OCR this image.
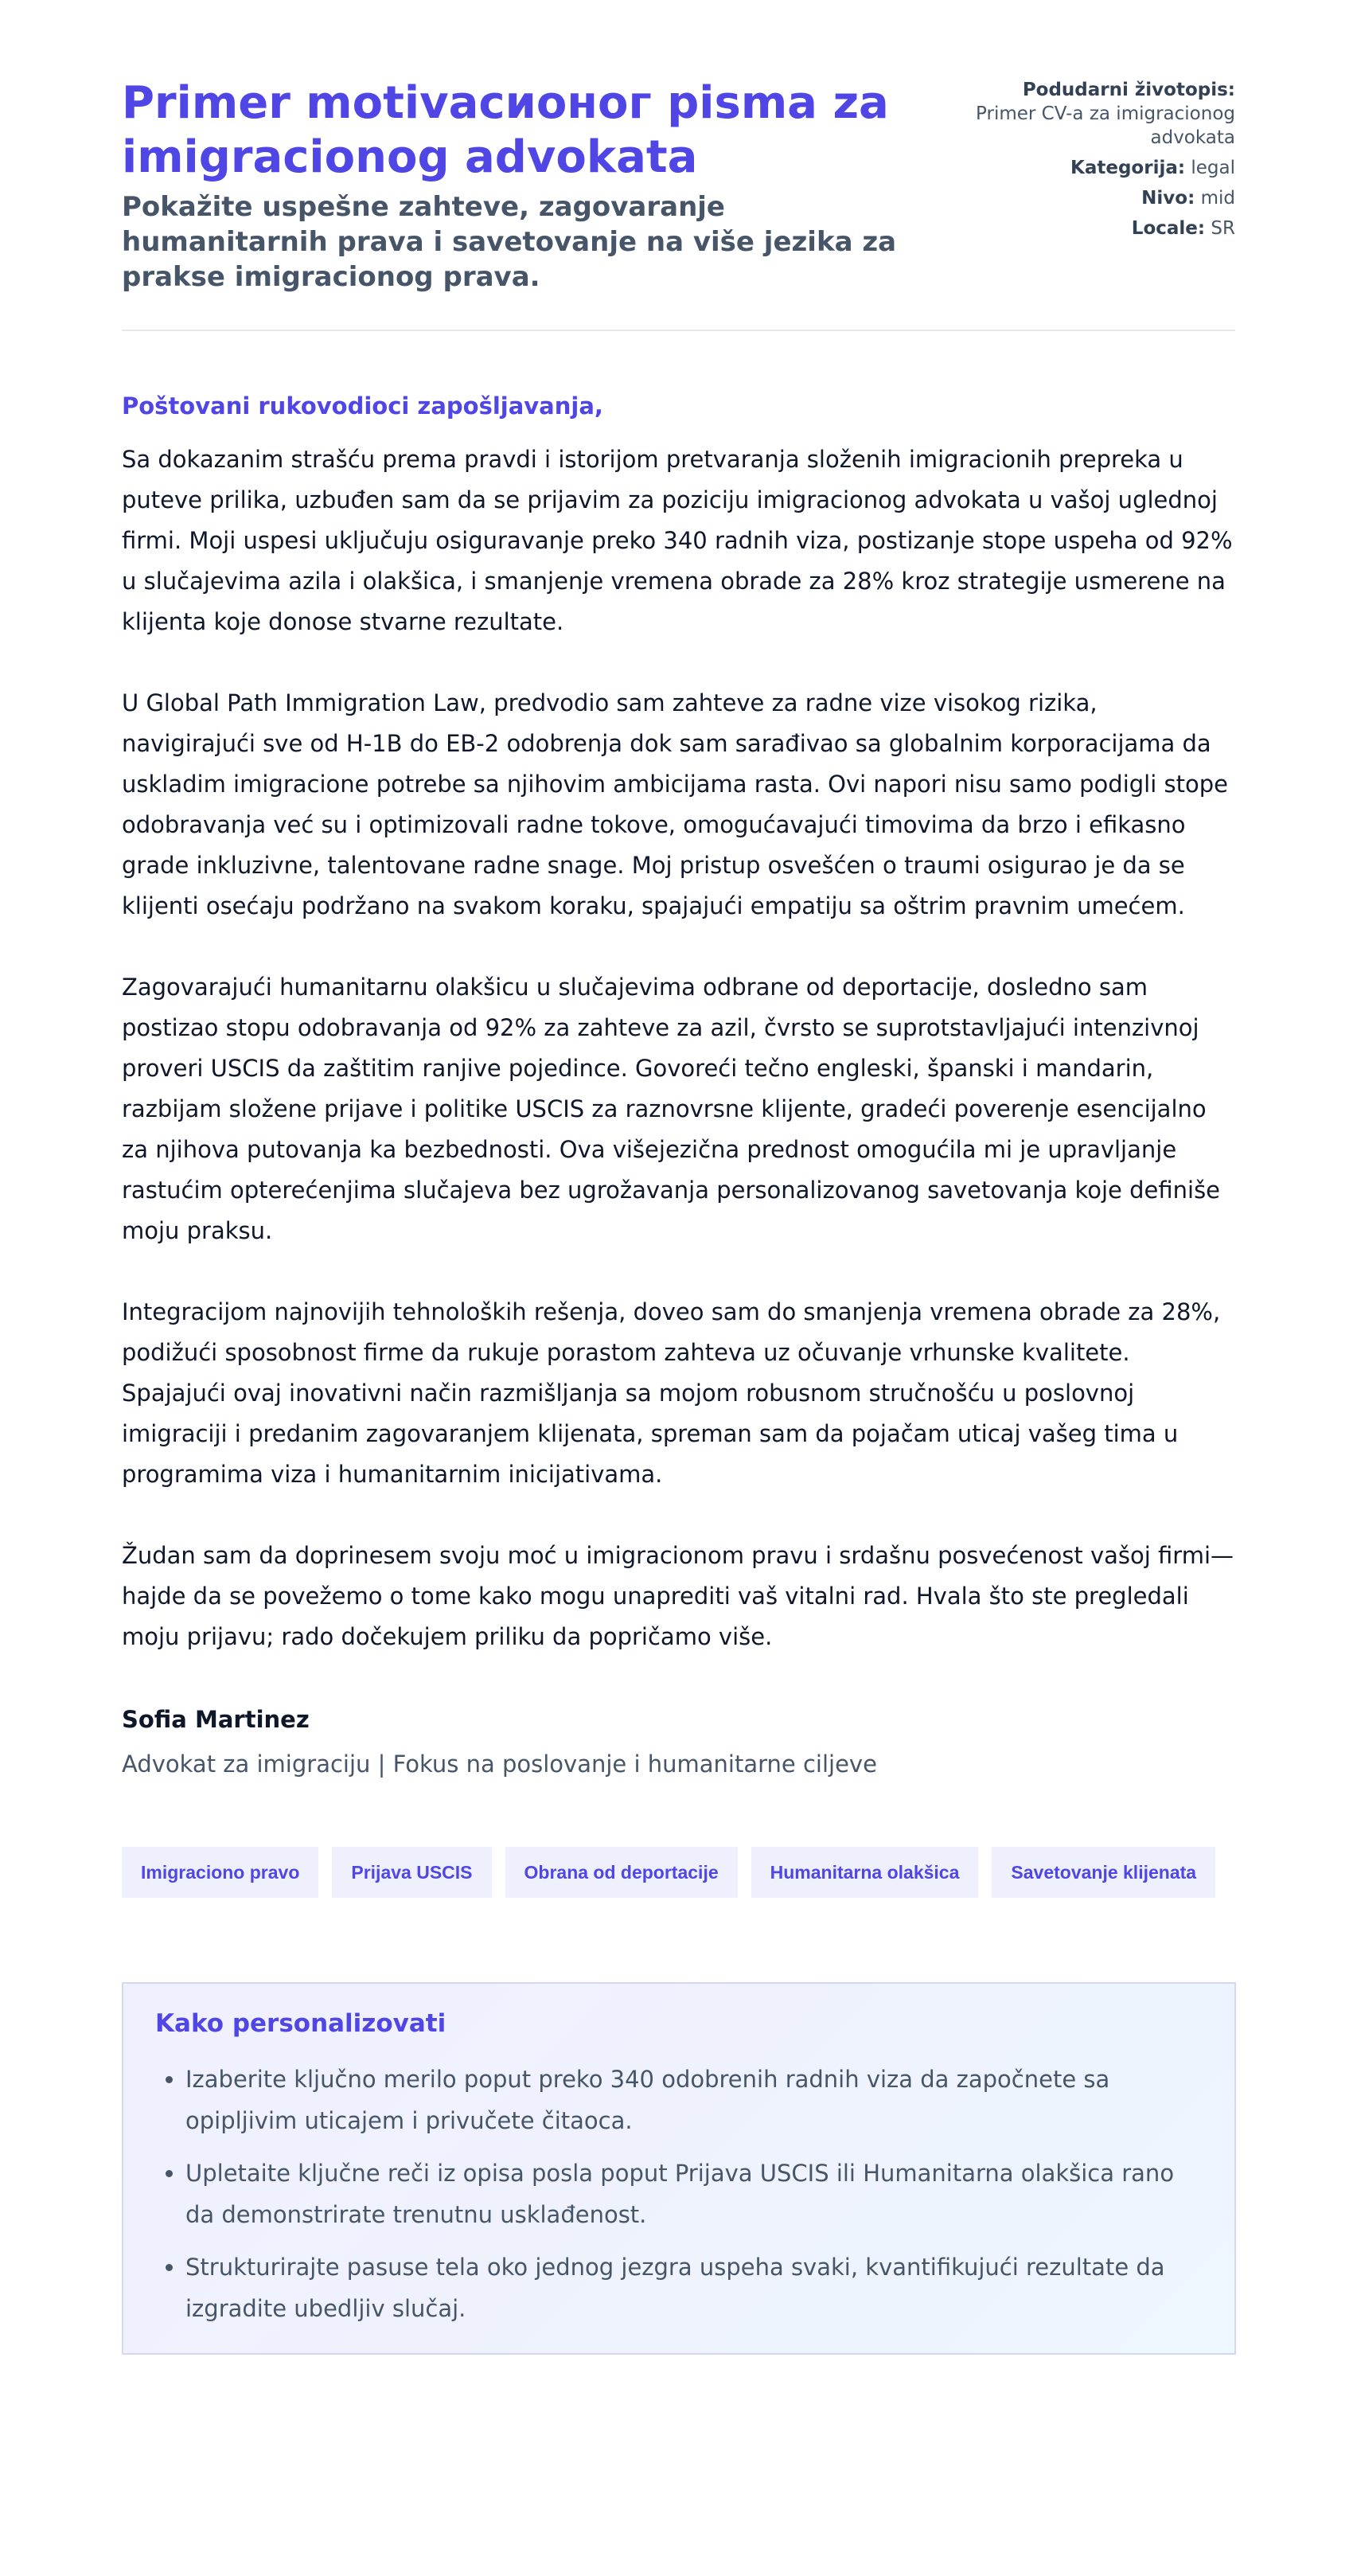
Primer motivacионог pisma za imigracionog advokata

Pokažite uspešne zahteve, zagovaranje humanitarnih prava i savetovanje na više jezika za prakse imigracionog prava.

Podudarni životopis: Primer CV-a za imigracionog advokata
Kategorija: legal
Nivo: mid
Locale: SR

Poštovani rukovodioci zapošljavanja,

Sa dokazanim strašću prema pravdi i istorijom pretvaranja složenih imigracionih prepreka u puteve prilika, uzbuđen sam da se prijavim za poziciju imigracionog advokata u vašoj uglednoj firmi. Moji uspesi uključuju osiguravanje preko 340 radnih viza, postizanje stope uspeha od 92% u slučajevima azila i olakšica, i smanjenje vremena obrade za 28% kroz strategije usmerene na klijenta koje donose stvarne rezultate.

U Global Path Immigration Law, predvodio sam zahteve za radne vize visokog rizika, navigirajući sve od H-1B do EB-2 odobrenja dok sam sarađivao sa globalnim korporacijama da uskladim imigracione potrebe sa njihovim ambicijama rasta. Ovi napori nisu samo podigli stope odobravanja već su i optimizovali radne tokove, omogućavajući timovima da brzo i efikasno grade inkluzivne, talentovane radne snage. Moj pristup osvešćen o traumi osigurao je da se klijenti osećaju podržano na svakom koraku, spajajući empatiju sa oštrim pravnim umećem.

Zagovarajući humanitarnu olakšicu u slučajevima odbrane od deportacije, dosledno sam postizao stopu odobravanja od 92% za zahteve za azil, čvrsto se suprotstavljajući intenzivnoj proveri USCIS da zaštitim ranjive pojedince. Govoreći tečno engleski, španski i mandarin, razbijam složene prijave i politike USCIS za raznovrsne klijente, gradeći poverenje esencijalno za njihova putovanja ka bezbednosti. Ova višejezična prednost omogućila mi je upravljanje rastućim opterećenjima slučajeva bez ugrožavanja personalizovanog savetovanja koje definiše moju praksu.

Integracijom najnovijih tehnoloških rešenja, doveo sam do smanjenja vremena obrade za 28%, podižući sposobnost firme da rukuje porastom zahteva uz očuvanje vrhunske kvalitete. Spajajući ovaj inovativni način razmišljanja sa mojom robusnom stručnošću u poslovnoj imigraciji i predanim zagovaranjem klijenata, spreman sam da pojačam uticaj vašeg tima u programima viza i humanitarnim inicijativama.

Žudan sam da doprinesem svoju moć u imigracionom pravu i srdašnu posvećenost vašoj firmi—hajde da se povežemo o tome kako mogu unaprediti vaš vitalni rad. Hvala što ste pregledali moju prijavu; rado dočekujem priliku da popričamo više.

Sofia Martinez
Advokat za imigraciju | Fokus na poslovanje i humanitarne ciljeve
Imigraciono pravo	Prijava USCIS	Obrana od deportacije	Humanitarna olakšica	Savetovanje klijenata
Kako personalizovati
• Izaberite ključno merilo poput preko 340 odobrenih radnih viza da započnete sa opipljivim uticajem i privučete čitaoca.
• Upletaite ključne reči iz opisa posla poput Prijava USCIS ili Humanitarna olakšica rano da demonstrirate trenutnu usklađenost.
• Strukturirajte pasuse tela oko jednog jezgra uspeha svaki, kvantifikujući rezultate da izgradite ubedljiv slučaj.
